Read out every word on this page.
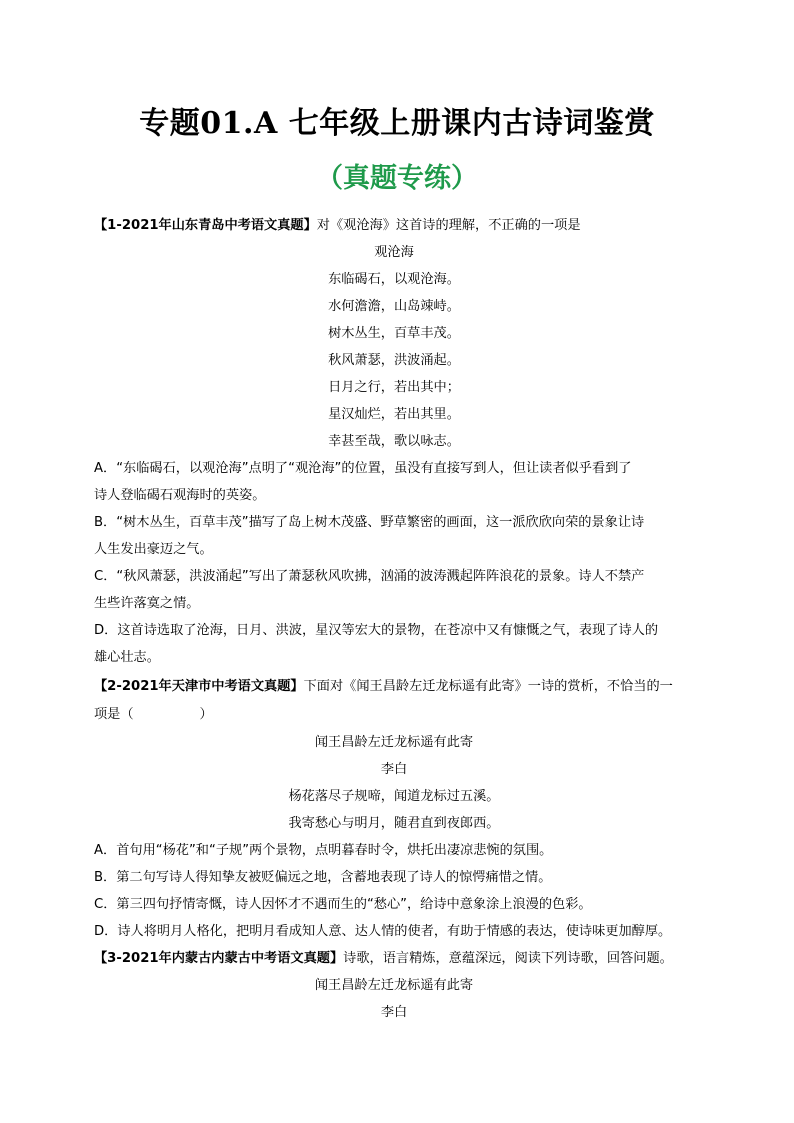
专题01.A 七年级上册课内古诗词鉴赏
（真题专练）
【1-2021年山东青岛中考语文真题】对《观沧海》这首诗的理解，不正确的一项是
观沧海
东临碣石，以观沧海。
水何澹澹，山岛竦峙。
树木丛生，百草丰茂。
秋风萧瑟，洪波涌起。
日月之行，若出其中；
星汉灿烂，若出其里。
幸甚至哉，歌以咏志。
A．“东临碣石，以观沧海”点明了“观沧海”的位置，虽没有直接写到人，但让读者似乎看到了
诗人登临碣石观海时的英姿。
B．“树木丛生，百草丰茂”描写了岛上树木茂盛、野草繁密的画面，这一派欣欣向荣的景象让诗
人生发出豪迈之气。
C．“秋风萧瑟，洪波涌起”写出了萧瑟秋风吹拂，汹涌的波涛溅起阵阵浪花的景象。诗人不禁产
生些许落寞之情。
D．这首诗选取了沧海，日月、洪波，星汉等宏大的景物，在苍凉中又有慷慨之气，表现了诗人的
雄心壮志。
【2-2021年天津市中考语文真题】下面对《闻王昌龄左迁龙标遥有此寄》一诗的赏析，不恰当的一
项是（　　　　　）
闻王昌龄左迁龙标遥有此寄
李白
杨花落尽子规啼，闻道龙标过五溪。
我寄愁心与明月，随君直到夜郎西。
A．首句用“杨花”和“子规”两个景物，点明暮春时令，烘托出凄凉悲惋的氛围。
B．第二句写诗人得知挚友被贬偏远之地，含蓄地表现了诗人的惊愕痛惜之情。
C．第三四句抒情寄慨，诗人因怀才不遇而生的“愁心”，给诗中意象涂上浪漫的色彩。
D．诗人将明月人格化，把明月看成知人意、达人情的使者，有助于情感的表达，使诗味更加醇厚。
【3-2021年内蒙古内蒙古中考语文真题】诗歌，语言精炼，意蕴深远，阅读下列诗歌，回答问题。
闻王昌龄左迁龙标遥有此寄
李白
